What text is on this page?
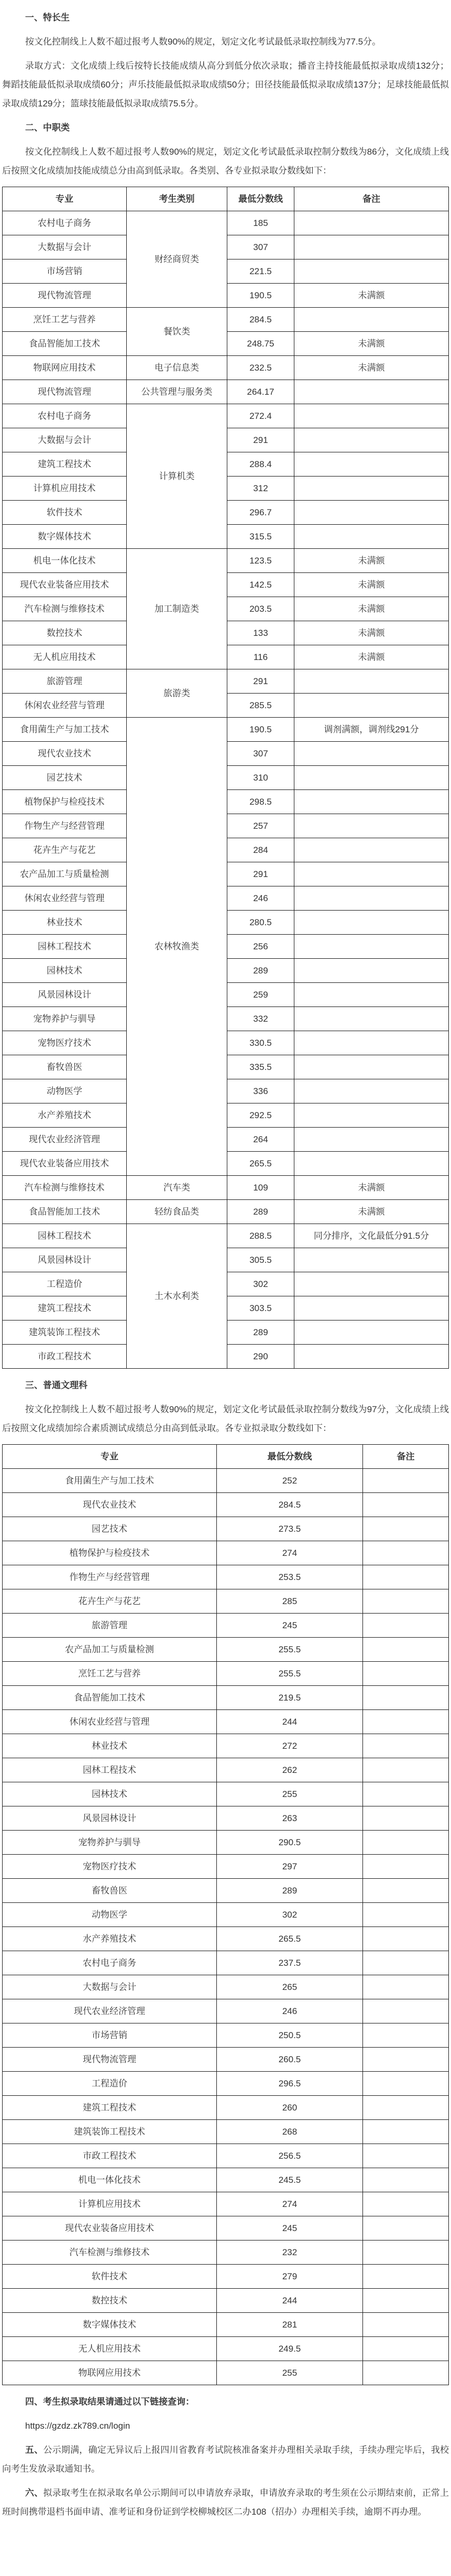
一、特长生

按文化控制线上人数不超过报考人数90%的规定，划定文化考试最低录取控制线为77.5分。

录取方式：文化成绩上线后按特长技能成绩从高分到低分依次录取；播音主持技能最低拟录取成绩132分；舞蹈技能最低拟录取成绩60分；声乐技能最低拟录取成绩50分；田径技能最低拟录取成绩137分；足球技能最低拟录取成绩129分；篮球技能最低拟录取成绩75.5分。

二、中职类

按文化控制线上人数不超过报考人数90%的规定，划定文化考试最低录取控制分数线为86分，文化成绩上线后按照文化成绩加技能成绩总分由高到低录取。各类别、各专业拟录取分数线如下：

专业	考生类别	最低分数线	备注
农村电子商务	财经商贸类	185	
大数据与会计		307	
市场营销		221.5	
现代物流管理		190.5	未满额
烹饪工艺与营养	餐饮类	284.5	
食品智能加工技术		248.75	未满额
物联网应用技术	电子信息类	232.5	未满额
现代物流管理	公共管理与服务类	264.17	
农村电子商务	计算机类	272.4	
大数据与会计		291	
建筑工程技术		288.4	
计算机应用技术		312	
软件技术		296.7	
数字媒体技术		315.5	
机电一体化技术	加工制造类	123.5	未满额
现代农业装备应用技术		142.5	未满额
汽车检测与维修技术		203.5	未满额
数控技术		133	未满额
无人机应用技术		116	未满额
旅游管理	旅游类	291	
休闲农业经营与管理		285.5	
食用菌生产与加工技术	农林牧渔类	190.5	调剂满额，调剂线291分
现代农业技术		307	
园艺技术		310	
植物保护与检疫技术		298.5	
作物生产与经营管理		257	
花卉生产与花艺		284	
农产品加工与质量检测		291	
休闲农业经营与管理		246	
林业技术		280.5	
园林工程技术		256	
园林技术		289	
风景园林设计		259	
宠物养护与驯导		332	
宠物医疗技术		330.5	
畜牧兽医		335.5	
动物医学		336	
水产养殖技术		292.5	
现代农业经济管理		264	
现代农业装备应用技术		265.5	
汽车检测与维修技术	汽车类	109	未满额
食品智能加工技术	轻纺食品类	289	未满额
园林工程技术	土木水利类	288.5	同分排序，文化最低分91.5分
风景园林设计		305.5	
工程造价		302	
建筑工程技术		303.5	
建筑装饰工程技术		289	
市政工程技术		290	
三、普通文理科

按文化控制线上人数不超过报考人数90%的规定，划定文化考试最低录取控制分数线为97分，文化成绩上线后按照文化成绩加综合素质测试成绩总分由高到低录取。各专业拟录取分数线如下：

专业	最低分数线	备注
食用菌生产与加工技术	252	
现代农业技术	284.5	
园艺技术	273.5	
植物保护与检疫技术	274	
作物生产与经营管理	253.5	
花卉生产与花艺	285	
旅游管理	245	
农产品加工与质量检测	255.5	
烹饪工艺与营养	255.5	
食品智能加工技术	219.5	
休闲农业经营与管理	244	
林业技术	272	
园林工程技术	262	
园林技术	255	
风景园林设计	263	
宠物养护与驯导	290.5	
宠物医疗技术	297	
畜牧兽医	289	
动物医学	302	
水产养殖技术	265.5	
农村电子商务	237.5	
大数据与会计	265	
现代农业经济管理	246	
市场营销	250.5	
现代物流管理	260.5	
工程造价	296.5	
建筑工程技术	260	
建筑装饰工程技术	268	
市政工程技术	256.5	
机电一体化技术	245.5	
计算机应用技术	274	
现代农业装备应用技术	245	
汽车检测与维修技术	232	
软件技术	279	
数控技术	244	
数字媒体技术	281	
无人机应用技术	249.5	
物联网应用技术	255	
四、考生拟录取结果请通过以下链接查询：

https://gzdz.zk789.cn/login

五、公示期满，确定无异议后上报四川省教育考试院核准备案并办理相关录取手续，手续办理完毕后，我校向考生发放录取通知书。

六、拟录取考生在拟录取名单公示期间可以申请放弃录取，申请放弃录取的考生须在公示期结束前，正常上班时间携带退档书面申请、准考证和身份证到学校柳城校区二办108（招办）办理相关手续，逾期不再办理。
